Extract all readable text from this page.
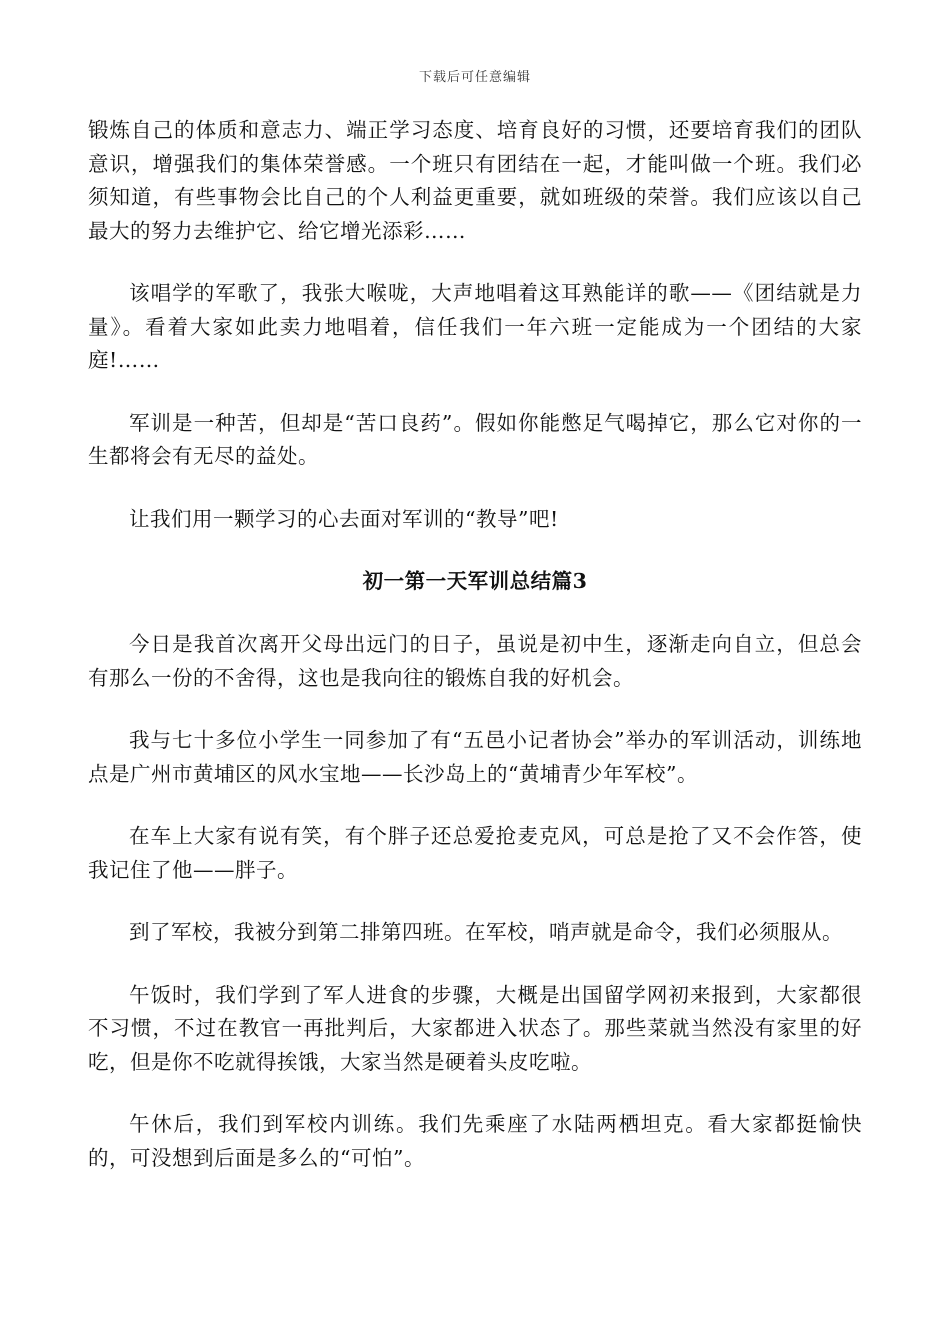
下载后可任意编辑

锻炼自己的体质和意志力、端正学习态度、培育良好的习惯，还要培育我们的团队意识，增强我们的集体荣誉感。一个班只有团结在一起，才能叫做一个班。我们必须知道，有些事物会比自己的个人利益更重要，就如班级的荣誉。我们应该以自己最大的努力去维护它、给它增光添彩……

该唱学的军歌了，我张大喉咙，大声地唱着这耳熟能详的歌——《团结就是力量》。看着大家如此卖力地唱着，信任我们一年六班一定能成为一个团结的大家庭!……

军训是一种苦，但却是“苦口良药”。假如你能憋足气喝掉它，那么它对你的一生都将会有无尽的益处。

让我们用一颗学习的心去面对军训的“教导”吧!

初一第一天军训总结篇3

今日是我首次离开父母出远门的日子，虽说是初中生，逐渐走向自立，但总会有那么一份的不舍得，这也是我向往的锻炼自我的好机会。

我与七十多位小学生一同参加了有“五邑小记者协会”举办的军训活动，训练地点是广州市黄埔区的风水宝地——长沙岛上的“黄埔青少年军校”。

在车上大家有说有笑，有个胖子还总爱抢麦克风，可总是抢了又不会作答，使我记住了他——胖子。

到了军校，我被分到第二排第四班。在军校，哨声就是命令，我们必须服从。

午饭时，我们学到了军人进食的步骤，大概是出国留学网初来报到，大家都很不习惯，不过在教官一再批判后，大家都进入状态了。那些菜就当然没有家里的好吃，但是你不吃就得挨饿，大家当然是硬着头皮吃啦。

午休后，我们到军校内训练。我们先乘座了水陆两栖坦克。看大家都挺愉快的，可没想到后面是多么的“可怕”。
